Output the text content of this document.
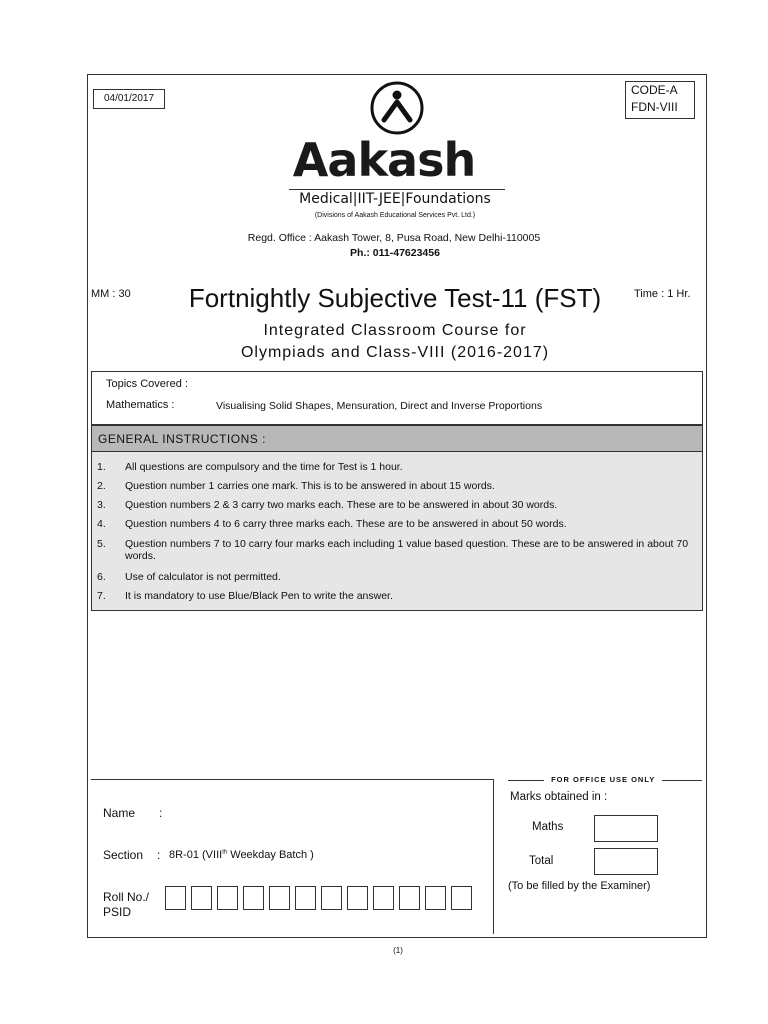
04/01/2017
CODE-A
FDN-VIII
Aakash
Medical|IIT-JEE|Foundations
(Divisions of Aakash Educational Services Pvt. Ltd.)
Regd. Office : Aakash Tower, 8, Pusa Road, New Delhi-110005
Ph.: 011-47623456
MM : 30	Time : 1 Hr.
Fortnightly Subjective Test-11 (FST)
Integrated Classroom Course for
Olympiads and Class-VIII (2016-2017)
Topics Covered :
Mathematics :	Visualising Solid Shapes, Mensuration, Direct and Inverse Proportions
GENERAL INSTRUCTIONS :
1. All questions are compulsory and the time for Test is 1 hour.
2. Question number 1 carries one mark. This is to be answered in about 15 words.
3. Question numbers 2 & 3 carry two marks each. These are to be answered in about 30 words.
4. Question numbers 4 to 6 carry three marks each. These are to be answered in about 50 words.
5. Question numbers 7 to 10 carry four marks each including 1 value based question. These are to be answered in about 70 words.
6. Use of calculator is not permitted.
7. It is mandatory to use Blue/Black Pen to write the answer.
FOR OFFICE USE ONLY
Name :
Section : 8R-01 (VIIIth Weekday Batch )
Roll No./
PSID
Marks obtained in :
Maths
Total
(To be filled by the Examiner)
(1)
